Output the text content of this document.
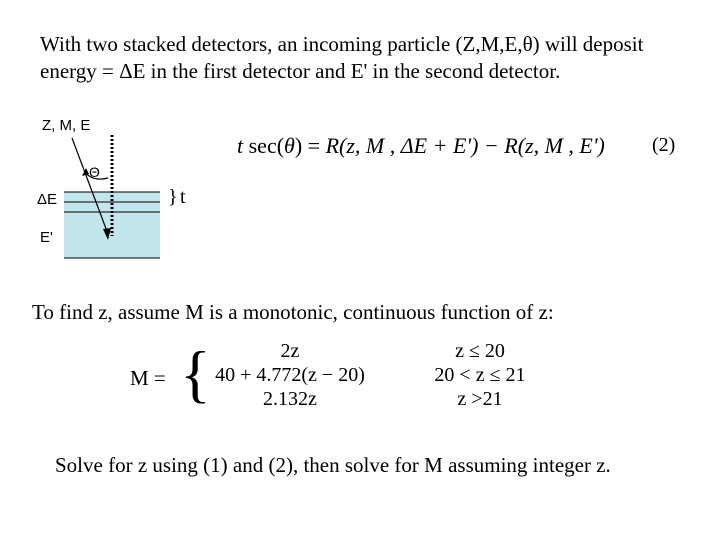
With two stacked detectors, an incoming particle (Z,M,E,θ) will deposit
energy = ΔE in the first detector and E' in the second detector.
Z, M, E
Θ
ΔE
E'
} t
t sec(θ) = R(z, M , ΔE + E') − R(z, M , E') (2)
To find z, assume M is a monotonic, continuous function of z:
M = {	2z
40 + 4.772(z − 20)
2.132z
z ≤ 20
20 < z ≤ 21
z >21
Solve for z using (1) and (2), then solve for M assuming integer z.
